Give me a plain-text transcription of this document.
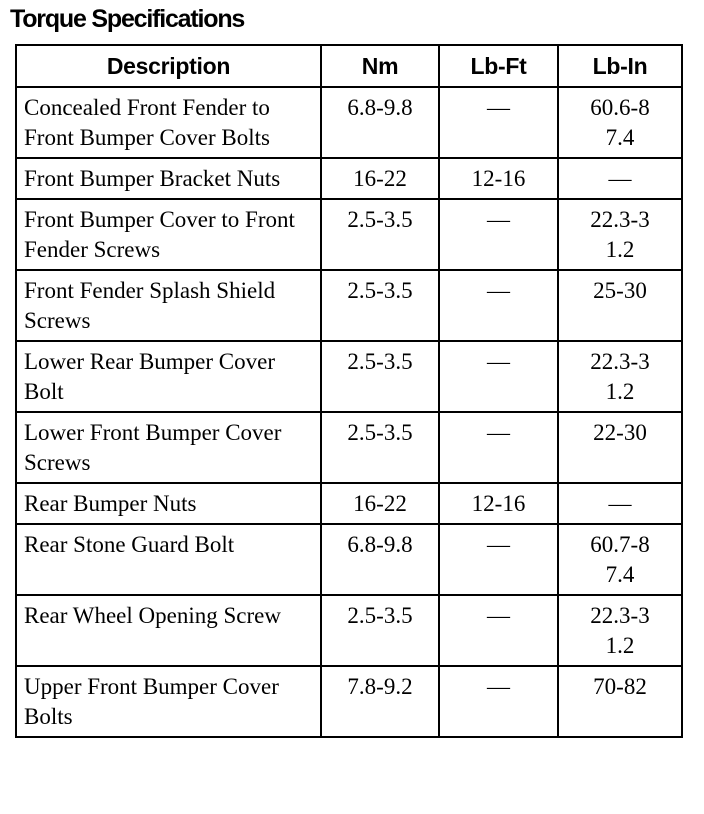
Torque Specifications
Description	Nm	Lb-Ft	Lb-In
Concealed Front Fender to Front Bumper Cover Bolts	6.8-9.8	—	60.6-87.4
Front Bumper Bracket Nuts	16-22	12-16	—
Front Bumper Cover to Front Fender Screws	2.5-3.5	—	22.3-31.2
Front Fender Splash Shield Screws	2.5-3.5	—	25-30
Lower Rear Bumper Cover Bolt	2.5-3.5	—	22.3-31.2
Lower Front Bumper Cover Screws	2.5-3.5	—	22-30
Rear Bumper Nuts	16-22	12-16	—
Rear Stone Guard Bolt	6.8-9.8	—	60.7-87.4
Rear Wheel Opening Screw	2.5-3.5	—	22.3-31.2
Upper Front Bumper Cover Bolts	7.8-9.2	—	70-82
